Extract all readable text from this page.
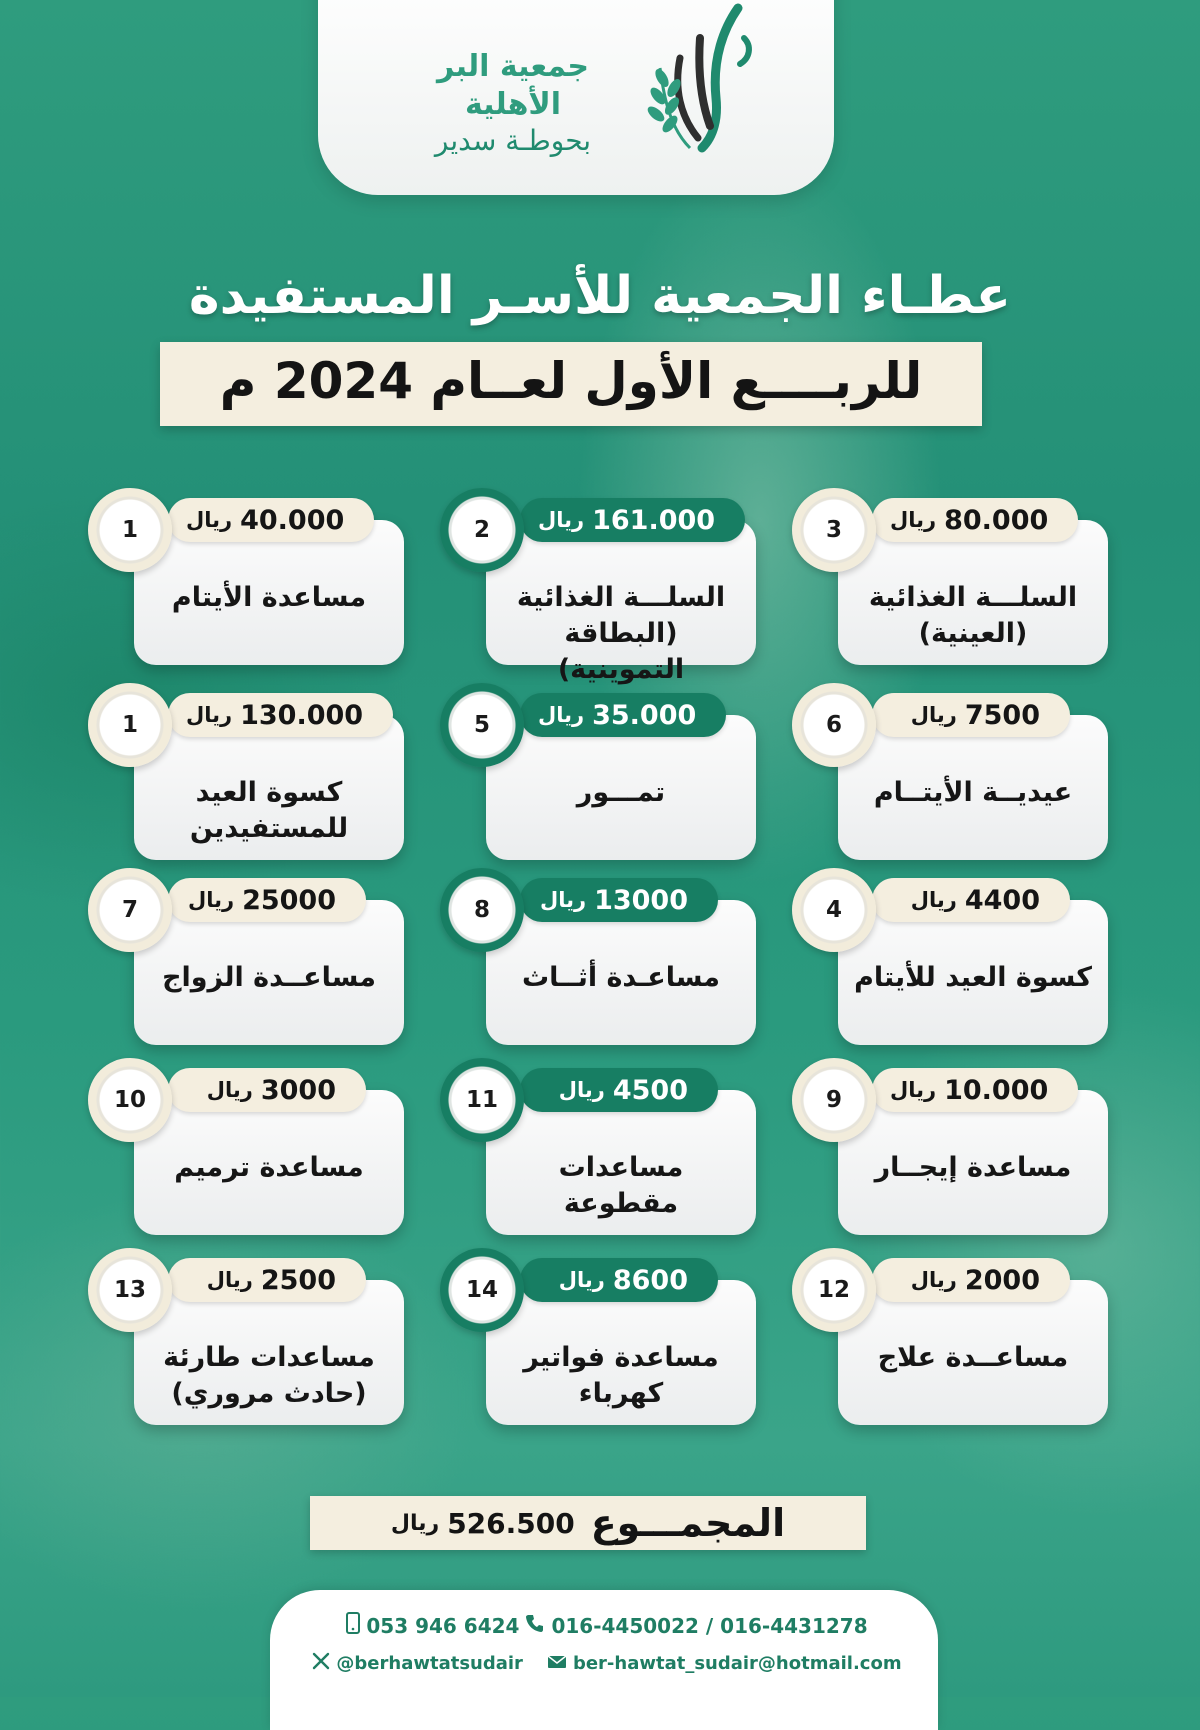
جمعية البر الأهلية
بحوطـة سدير
عطـاء الجمعية للأسـر المستفيدة
للربــــع الأول لعــام 2024 م
مساعدة الأيتام
40.000
ريال
1
السلـــة الغذائية (البطاقة التموينية)
161.000
ريال
2
السلـــة الغذائية (العينية)
80.000
ريال
3
كسوة العيد للمستفيدين
130.000
ريال
1
تمـــور
35.000
ريال
5
عيديــة الأيتــام
7500
ريال
6
مساعــدة الزواج
25000
ريال
7
مساعـدة أثــاث
13000
ريال
8
كسوة العيد للأيتام
4400
ريال
4
مساعدة ترميم
3000
ريال
10
مساعدات مقطوعة
4500
ريال
11
مساعدة إيجــار
10.000
ريال
9
مساعدات طارئة (حادث مروري)
2500
ريال
13
مساعدة فواتير كهرباء
8600
ريال
14
مساعــدة علاج
2000
ريال
12
المجمـــوع
526.500
ريال
053 946 6424 016-4450022 / 016-4431278
@berhawtatsudair	ber-hawtat_sudair@hotmail.com
